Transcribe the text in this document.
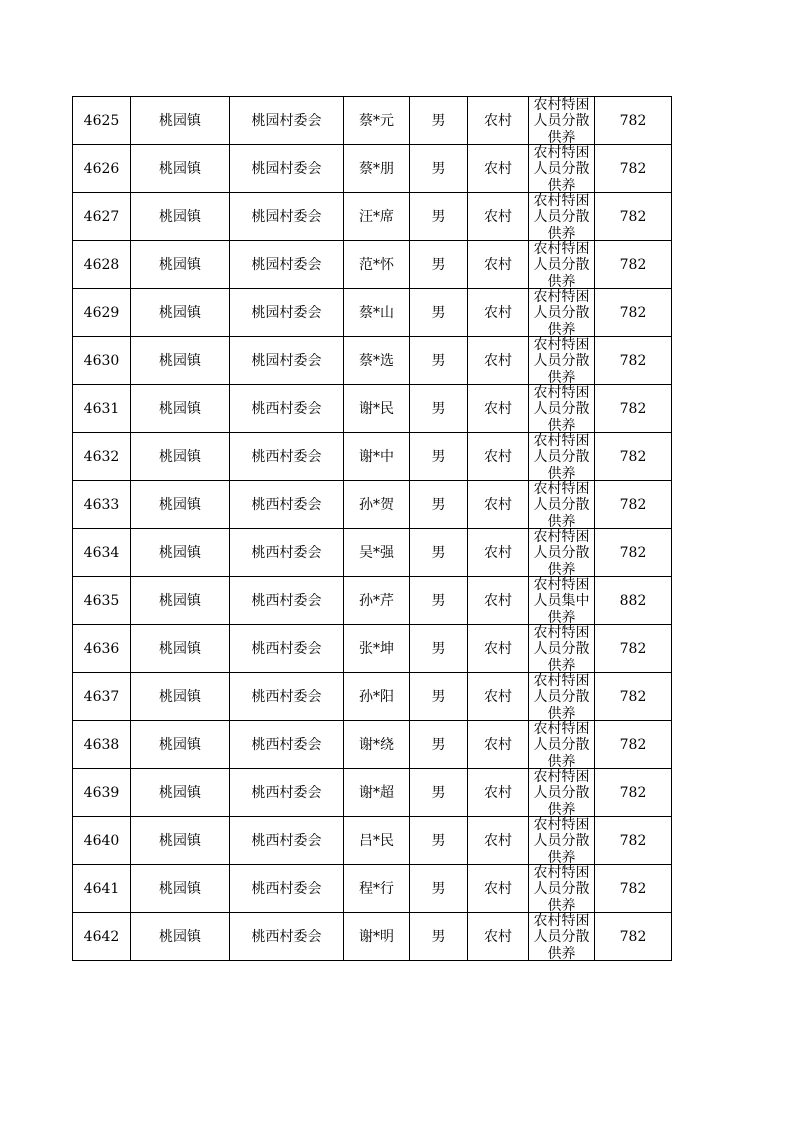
4625	桃园镇	桃园村委会	蔡*元	男	农村	农村特困人员分散供养	782
4626	桃园镇	桃园村委会	蔡*朋	男	农村	农村特困人员分散供养	782
4627	桃园镇	桃园村委会	汪*席	男	农村	农村特困人员分散供养	782
4628	桃园镇	桃园村委会	范*怀	男	农村	农村特困人员分散供养	782
4629	桃园镇	桃园村委会	蔡*山	男	农村	农村特困人员分散供养	782
4630	桃园镇	桃园村委会	蔡*选	男	农村	农村特困人员分散供养	782
4631	桃园镇	桃西村委会	谢*民	男	农村	农村特困人员分散供养	782
4632	桃园镇	桃西村委会	谢*中	男	农村	农村特困人员分散供养	782
4633	桃园镇	桃西村委会	孙*贺	男	农村	农村特困人员分散供养	782
4634	桃园镇	桃西村委会	吴*强	男	农村	农村特困人员分散供养	782
4635	桃园镇	桃西村委会	孙*芹	男	农村	农村特困人员集中供养	882
4636	桃园镇	桃西村委会	张*坤	男	农村	农村特困人员分散供养	782
4637	桃园镇	桃西村委会	孙*阳	男	农村	农村特困人员分散供养	782
4638	桃园镇	桃西村委会	谢*绕	男	农村	农村特困人员分散供养	782
4639	桃园镇	桃西村委会	谢*超	男	农村	农村特困人员分散供养	782
4640	桃园镇	桃西村委会	吕*民	男	农村	农村特困人员分散供养	782
4641	桃园镇	桃西村委会	程*行	男	农村	农村特困人员分散供养	782
4642	桃园镇	桃西村委会	谢*明	男	农村	农村特困人员分散供养	782
